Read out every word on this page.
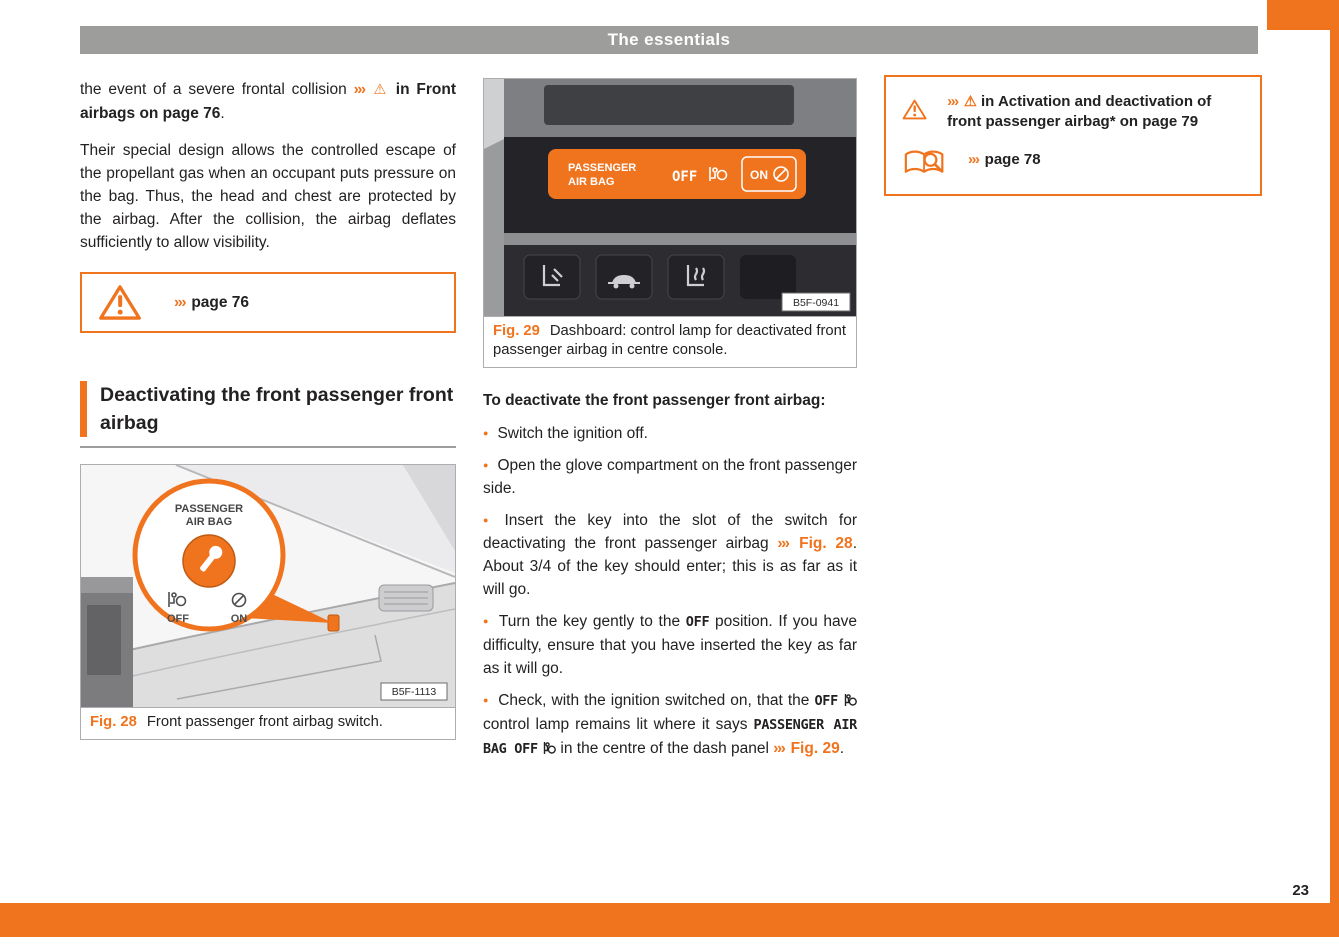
The essentials

the event of a severe frontal collision ››› ⚠ in Front airbags on page 76.

Their special design allows the controlled escape of the propellant gas when an occupant puts pressure on the bag. Thus, the head and chest are protected by the airbag. After the collision, the airbag deflates sufficiently to allow visibility.

››› page 76
Deactivating the front passenger front airbag
PASSENGER
AIR BAG
OFF	ON
B5F-1113
Fig. 28 Front passenger front airbag switch.
PASSENGER
AIR BAG	OFF	ON
B5F-0941
Fig. 29 Dashboard: control lamp for deactivated front passenger airbag in centre console.

To deactivate the front passenger front airbag:

● Switch the ignition off.
● Open the glove compartment on the front passenger side.
● Insert the key into the slot of the switch for deactivating the front passenger airbag ››› Fig. 28. About 3/4 of the key should enter; this is as far as it will go.
● Turn the key gently to the OFF position. If you have difficulty, ensure that you have inserted the key as far as it will go.
● Check, with the ignition switched on, that the OFF  control lamp remains lit where it says PASSENGER AIR BAG OFF  in the centre of the dash panel ››› Fig. 29.
››› ⚠ in Activation and deactivation of front passenger airbag* on page 79
››› page 78
23
